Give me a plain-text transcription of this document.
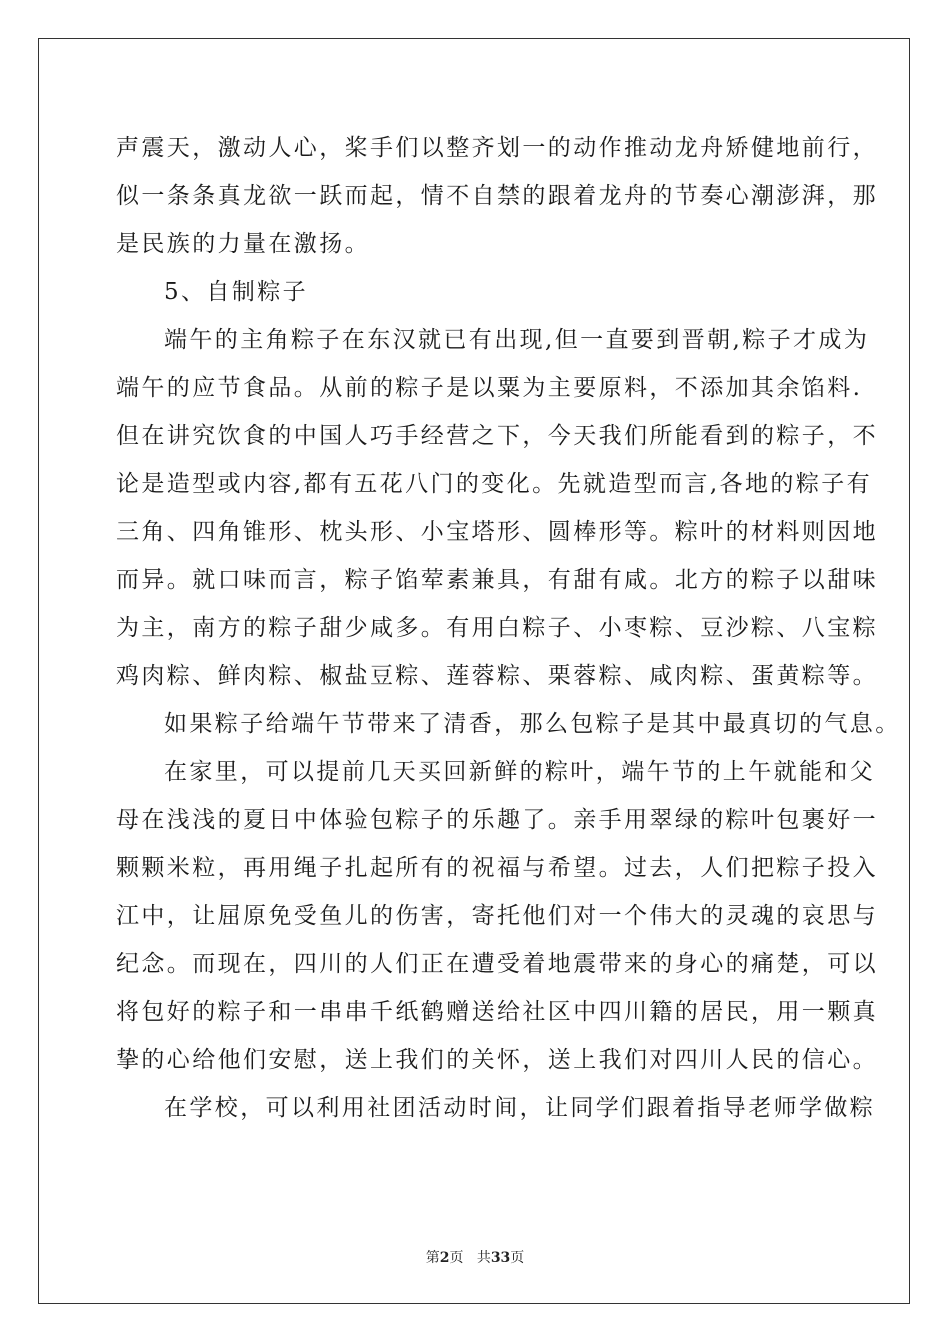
声震天，激动人心，桨手们以整齐划一的动作推动龙舟矫健地前行，
似一条条真龙欲一跃而起，情不自禁的跟着龙舟的节奏心潮澎湃，那
是民族的力量在激扬。
5、自制粽子
端午的主角粽子在东汉就已有出现,但一直要到晋朝,粽子才成为
端午的应节食品。从前的粽子是以粟为主要原料，不添加其余馅料.
但在讲究饮食的中国人巧手经营之下，今天我们所能看到的粽子，不
论是造型或内容,都有五花八门的变化。先就造型而言,各地的粽子有
三角、四角锥形、枕头形、小宝塔形、圆棒形等。粽叶的材料则因地
而异。就口味而言，粽子馅荤素兼具，有甜有咸。北方的粽子以甜味
为主，南方的粽子甜少咸多。有用白粽子、小枣粽、豆沙粽、八宝粽
鸡肉粽、鲜肉粽、椒盐豆粽、莲蓉粽、栗蓉粽、咸肉粽、蛋黄粽等。
如果粽子给端午节带来了清香，那么包粽子是其中最真切的气息。
在家里，可以提前几天买回新鲜的粽叶，端午节的上午就能和父
母在浅浅的夏日中体验包粽子的乐趣了。亲手用翠绿的粽叶包裹好一
颗颗米粒，再用绳子扎起所有的祝福与希望。过去，人们把粽子投入
江中，让屈原免受鱼儿的伤害，寄托他们对一个伟大的灵魂的哀思与
纪念。而现在，四川的人们正在遭受着地震带来的身心的痛楚，可以
将包好的粽子和一串串千纸鹤赠送给社区中四川籍的居民，用一颗真
挚的心给他们安慰，送上我们的关怀，送上我们对四川人民的信心。
在学校，可以利用社团活动时间，让同学们跟着指导老师学做粽
第2页 共33页
